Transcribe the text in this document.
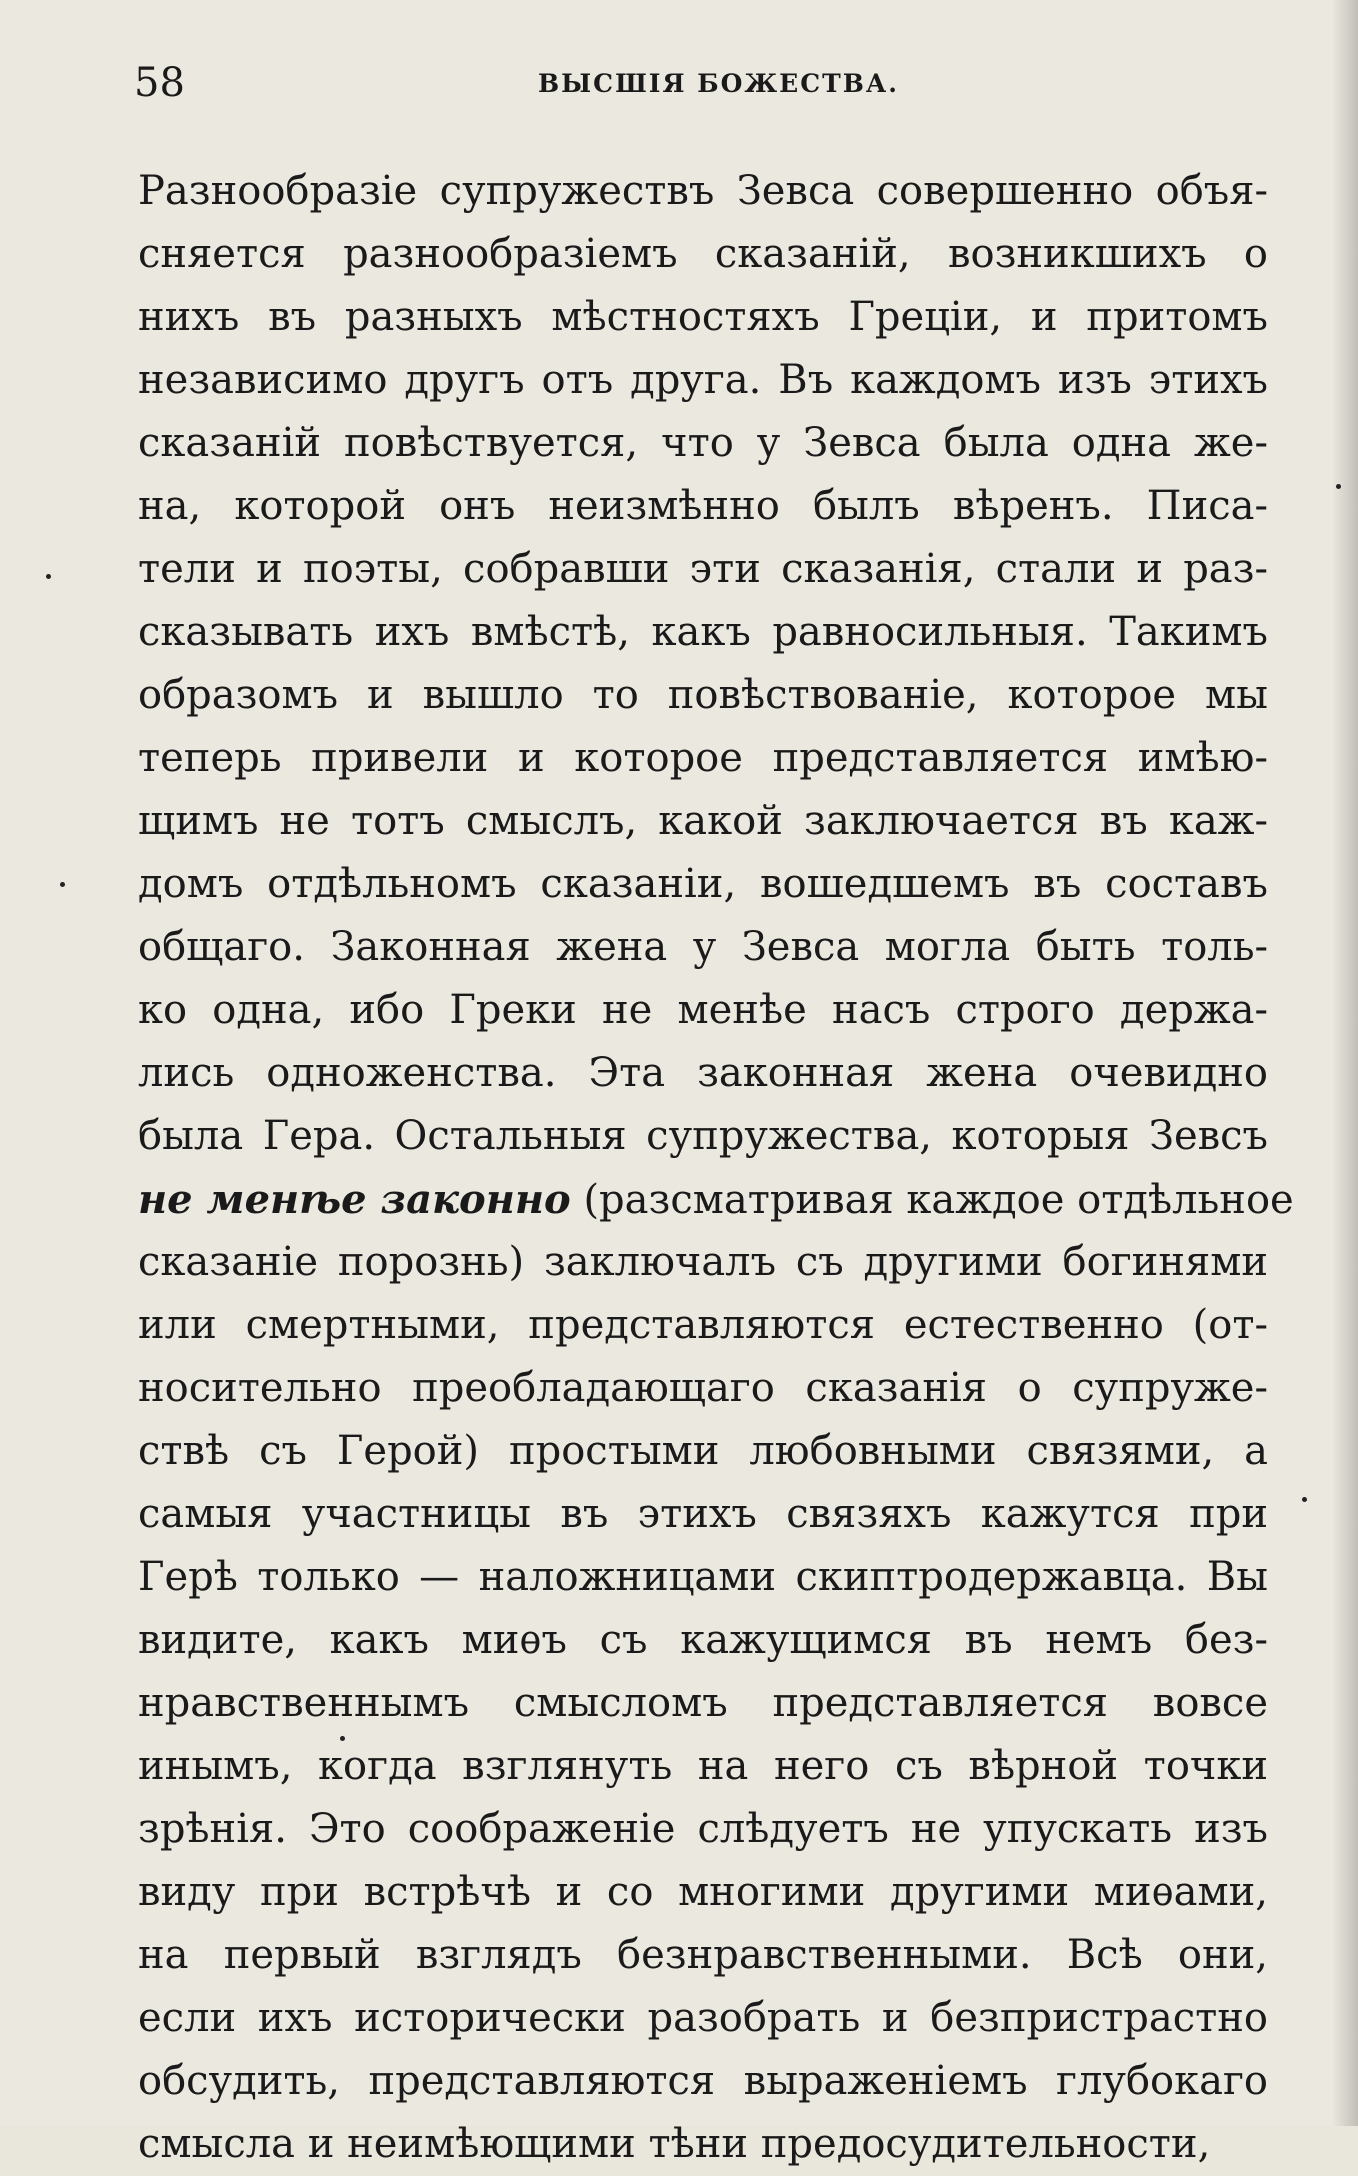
58	ВЫСШІЯ БОЖЕСТВА.
Разнообразіе супружествъ Зевса совершенно объя-
сняется разнообразіемъ сказаній, возникшихъ о
нихъ въ разныхъ мѣстностяхъ Греціи, и притомъ
независимо другъ отъ друга. Въ каждомъ изъ этихъ
сказаній повѣствуется, что у Зевса была одна же-
на, которой онъ неизмѣнно былъ вѣренъ. Писа-
тели и поэты, собравши эти сказанія, стали и раз-
сказывать ихъ вмѣстѣ, какъ равносильныя. Такимъ
образомъ и вышло то повѣствованіе, которое мы
теперь привели и которое представляется имѣю-
щимъ не тотъ смыслъ, какой заключается въ каж-
домъ отдѣльномъ сказаніи, вошедшемъ въ составъ
общаго. Законная жена у Зевса могла быть толь-
ко одна, ибо Греки не менѣе насъ строго держа-
лись одноженства. Эта законная жена очевидно
была Гера. Остальныя супружества, которыя Зевсъ
не менѣе законно (разсматривая каждое отдѣльное
сказаніе порознь) заключалъ съ другими богинями
или смертными, представляются естественно (от-
носительно преобладающаго сказанія о супруже-
ствѣ съ Герой) простыми любовными связями, а
самыя участницы въ этихъ связяхъ кажутся при
Герѣ только — наложницами скиптродержавца. Вы
видите, какъ миѳъ съ кажущимся въ немъ без-
нравственнымъ смысломъ представляется вовсе
инымъ, когда взглянуть на него съ вѣрной точки
зрѣнія. Это соображеніе слѣдуетъ не упускать изъ
виду при встрѣчѣ и со многими другими миѳами,
на первый взглядъ безнравственными. Всѣ они,
если ихъ исторически разобрать и безпристрастно
обсудить, представляются выраженіемъ глубокаго
смысла и неимѣющими тѣни предосудительности,
